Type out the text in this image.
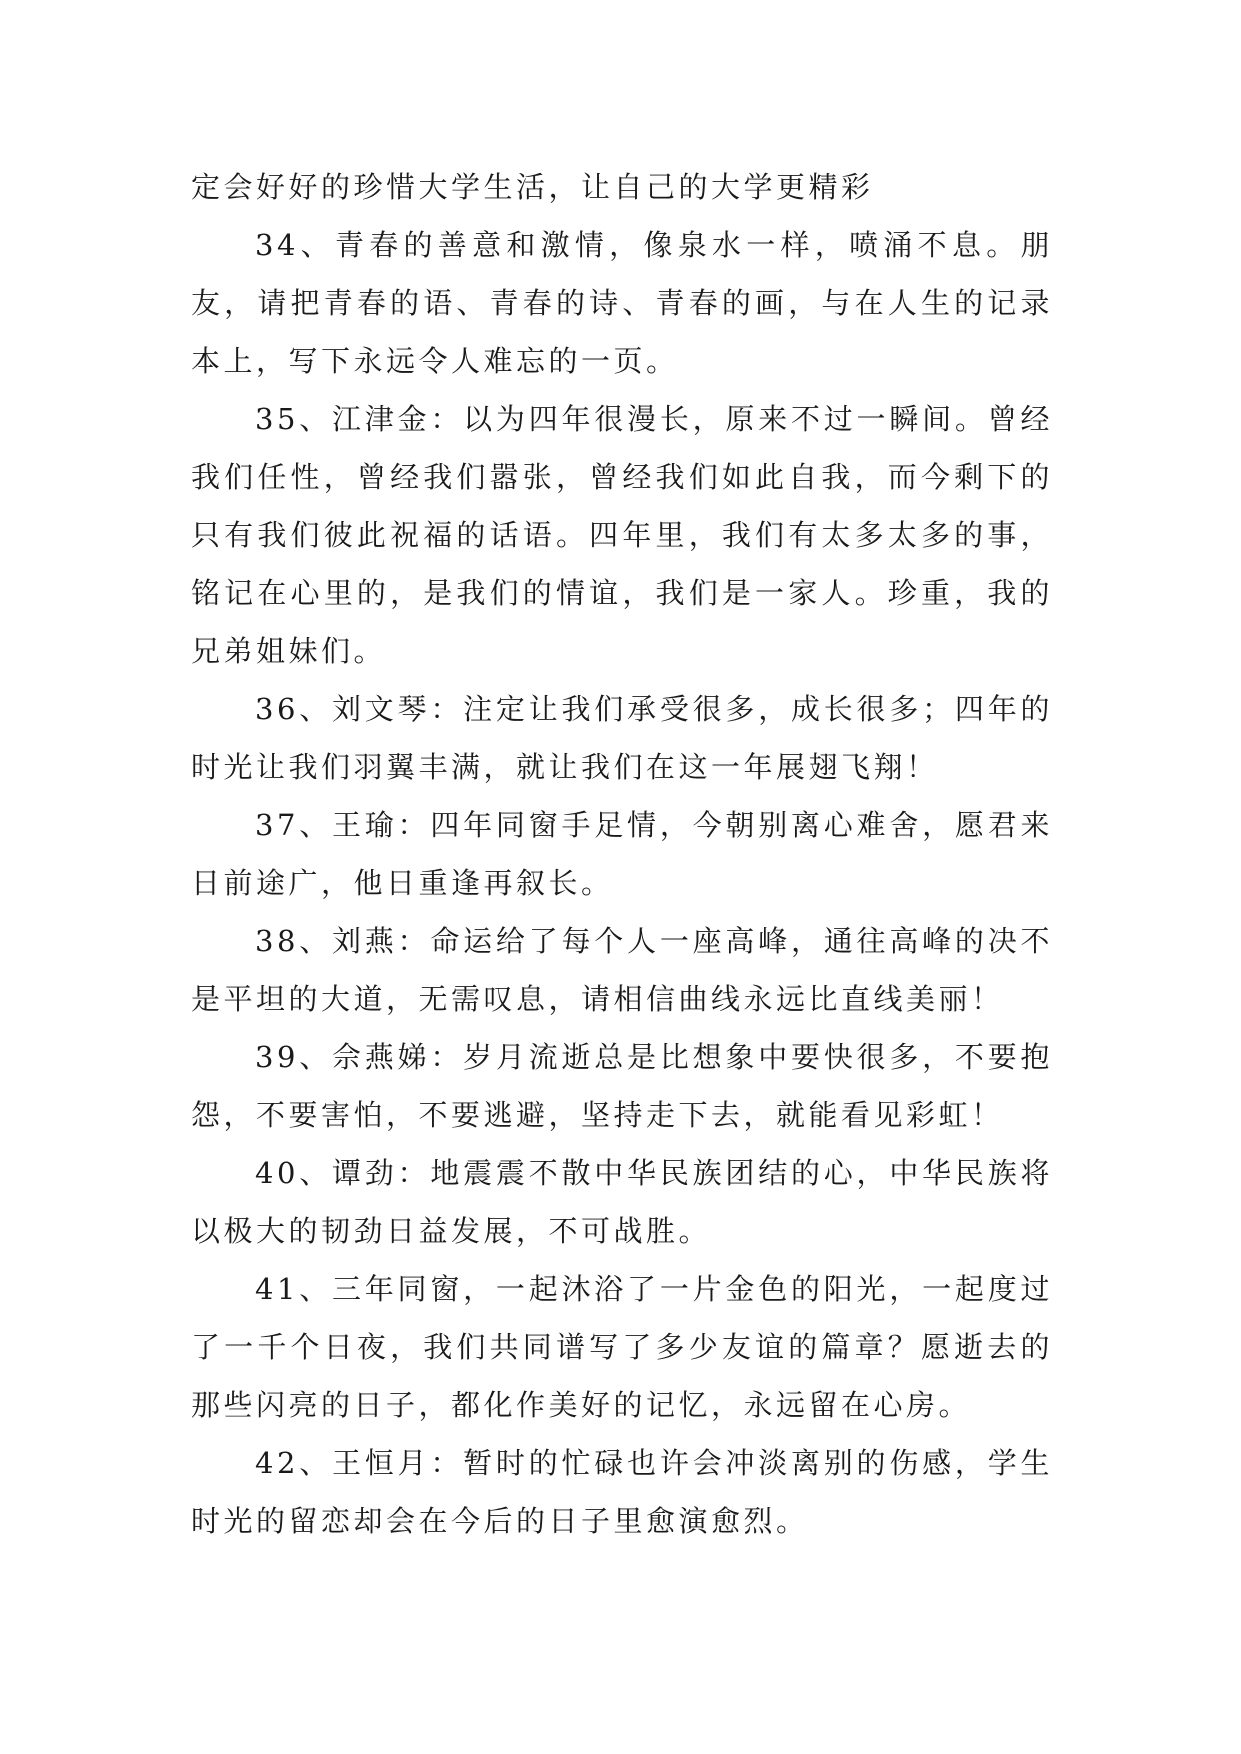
定会好好的珍惜大学生活，让自己的大学更精彩

34、青春的善意和激情，像泉水一样，喷涌不息。朋友，请把青春的语、青春的诗、青春的画，与在人生的记录本上，写下永远令人难忘的一页。

35、江津金：以为四年很漫长，原来不过一瞬间。曾经我们任性，曾经我们嚣张，曾经我们如此自我，而今剩下的只有我们彼此祝福的话语。四年里，我们有太多太多的事，铭记在心里的，是我们的情谊，我们是一家人。珍重，我的兄弟姐妹们。

36、刘文琴：注定让我们承受很多，成长很多；四年的时光让我们羽翼丰满，就让我们在这一年展翅飞翔！

37、王瑜：四年同窗手足情，今朝别离心难舍，愿君来日前途广，他日重逢再叙长。

38、刘燕：命运给了每个人一座高峰，通往高峰的决不是平坦的大道，无需叹息，请相信曲线永远比直线美丽！

39、佘燕娣：岁月流逝总是比想象中要快很多，不要抱怨，不要害怕，不要逃避，坚持走下去，就能看见彩虹！

40、谭劲：地震震不散中华民族团结的心，中华民族将以极大的韧劲日益发展，不可战胜。

41、三年同窗，一起沐浴了一片金色的阳光，一起度过了一千个日夜，我们共同谱写了多少友谊的篇章？愿逝去的那些闪亮的日子，都化作美好的记忆，永远留在心房。

42、王恒月：暂时的忙碌也许会冲淡离别的伤感，学生时光的留恋却会在今后的日子里愈演愈烈。
